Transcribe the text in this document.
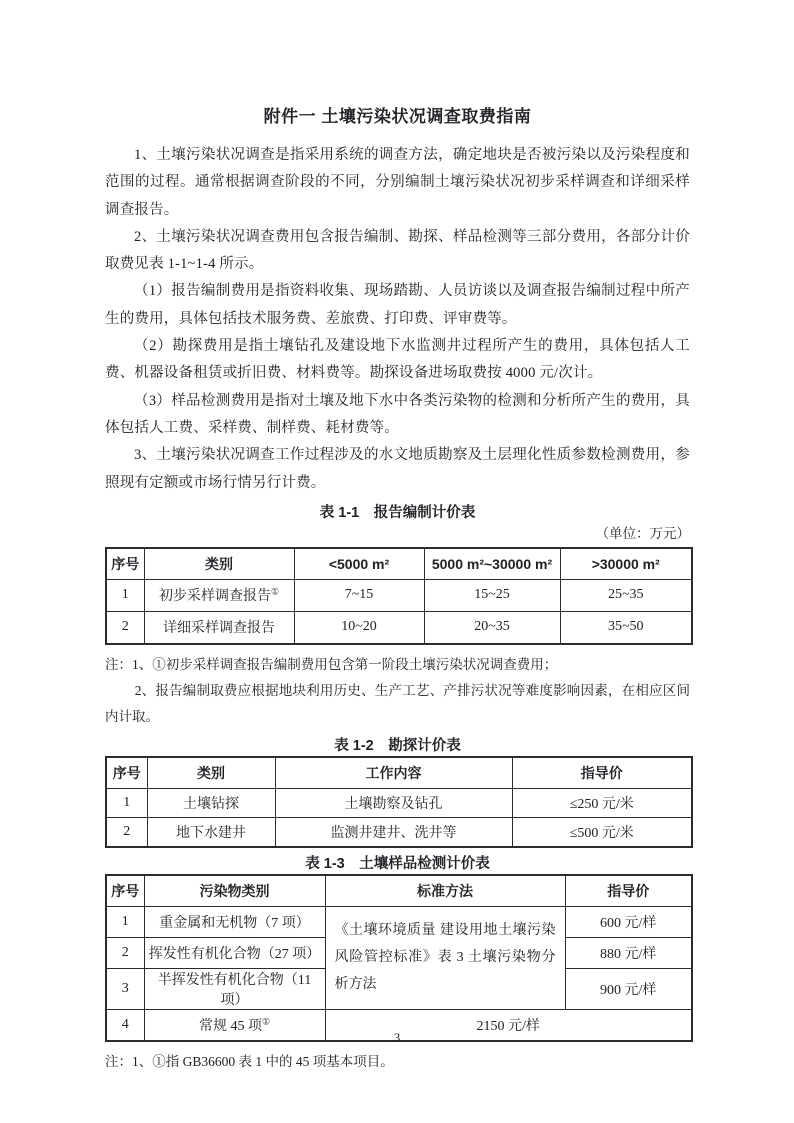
附件一 土壤污染状况调查取费指南

1、土壤污染状况调查是指采用系统的调查方法，确定地块是否被污染以及污染程度和范围的过程。通常根据调查阶段的不同，分别编制土壤污染状况初步采样调查和详细采样调查报告。

2、土壤污染状况调查费用包含报告编制、勘探、样品检测等三部分费用，各部分计价取费见表 1-1~1-4 所示。

（1）报告编制费用是指资料收集、现场踏勘、人员访谈以及调查报告编制过程中所产生的费用，具体包括技术服务费、差旅费、打印费、评审费等。

（2）勘探费用是指土壤钻孔及建设地下水监测井过程所产生的费用，具体包括人工费、机器设备租赁或折旧费、材料费等。勘探设备进场取费按 4000 元/次计。

（3）样品检测费用是指对土壤及地下水中各类污染物的检测和分析所产生的费用，具体包括人工费、采样费、制样费、耗材费等。

3、土壤污染状况调查工作过程涉及的水文地质勘察及土层理化性质参数检测费用，参照现有定额或市场行情另行计费。

表 1-1　报告编制计价表
（单位：万元）
序号	类别	<5000 m²	5000 m²~30000 m²	>30000 m²
1	初步采样调查报告①	7~15	15~25	25~35
2	详细采样调查报告	10~20	20~35	35~50

注：1、①初步采样调查报告编制费用包含第一阶段土壤污染状况调查费用；

2、报告编制取费应根据地块利用历史、生产工艺、产排污状况等难度影响因素，在相应区间内计取。

表 1-2　勘探计价表
序号	类别	工作内容	指导价
1	土壤钻探	土壤勘察及钻孔	≤250 元/米
2	地下水建井	监测井建井、洗井等	≤500 元/米
表 1-3　土壤样品检测计价表
序号	污染物类别	标准方法	指导价
1	重金属和无机物（7 项）	《土壤环境质量 建设用地土壤污染风险管控标准》表 3 土壤污染物分析方法	600 元/样
2	挥发性有机化合物（27 项）		880 元/样
3	半挥发性有机化合物（11 项）		900 元/样
4	常规 45 项①	2150 元/样	

注：1、①指 GB36600 表 1 中的 45 项基本项目。

3
